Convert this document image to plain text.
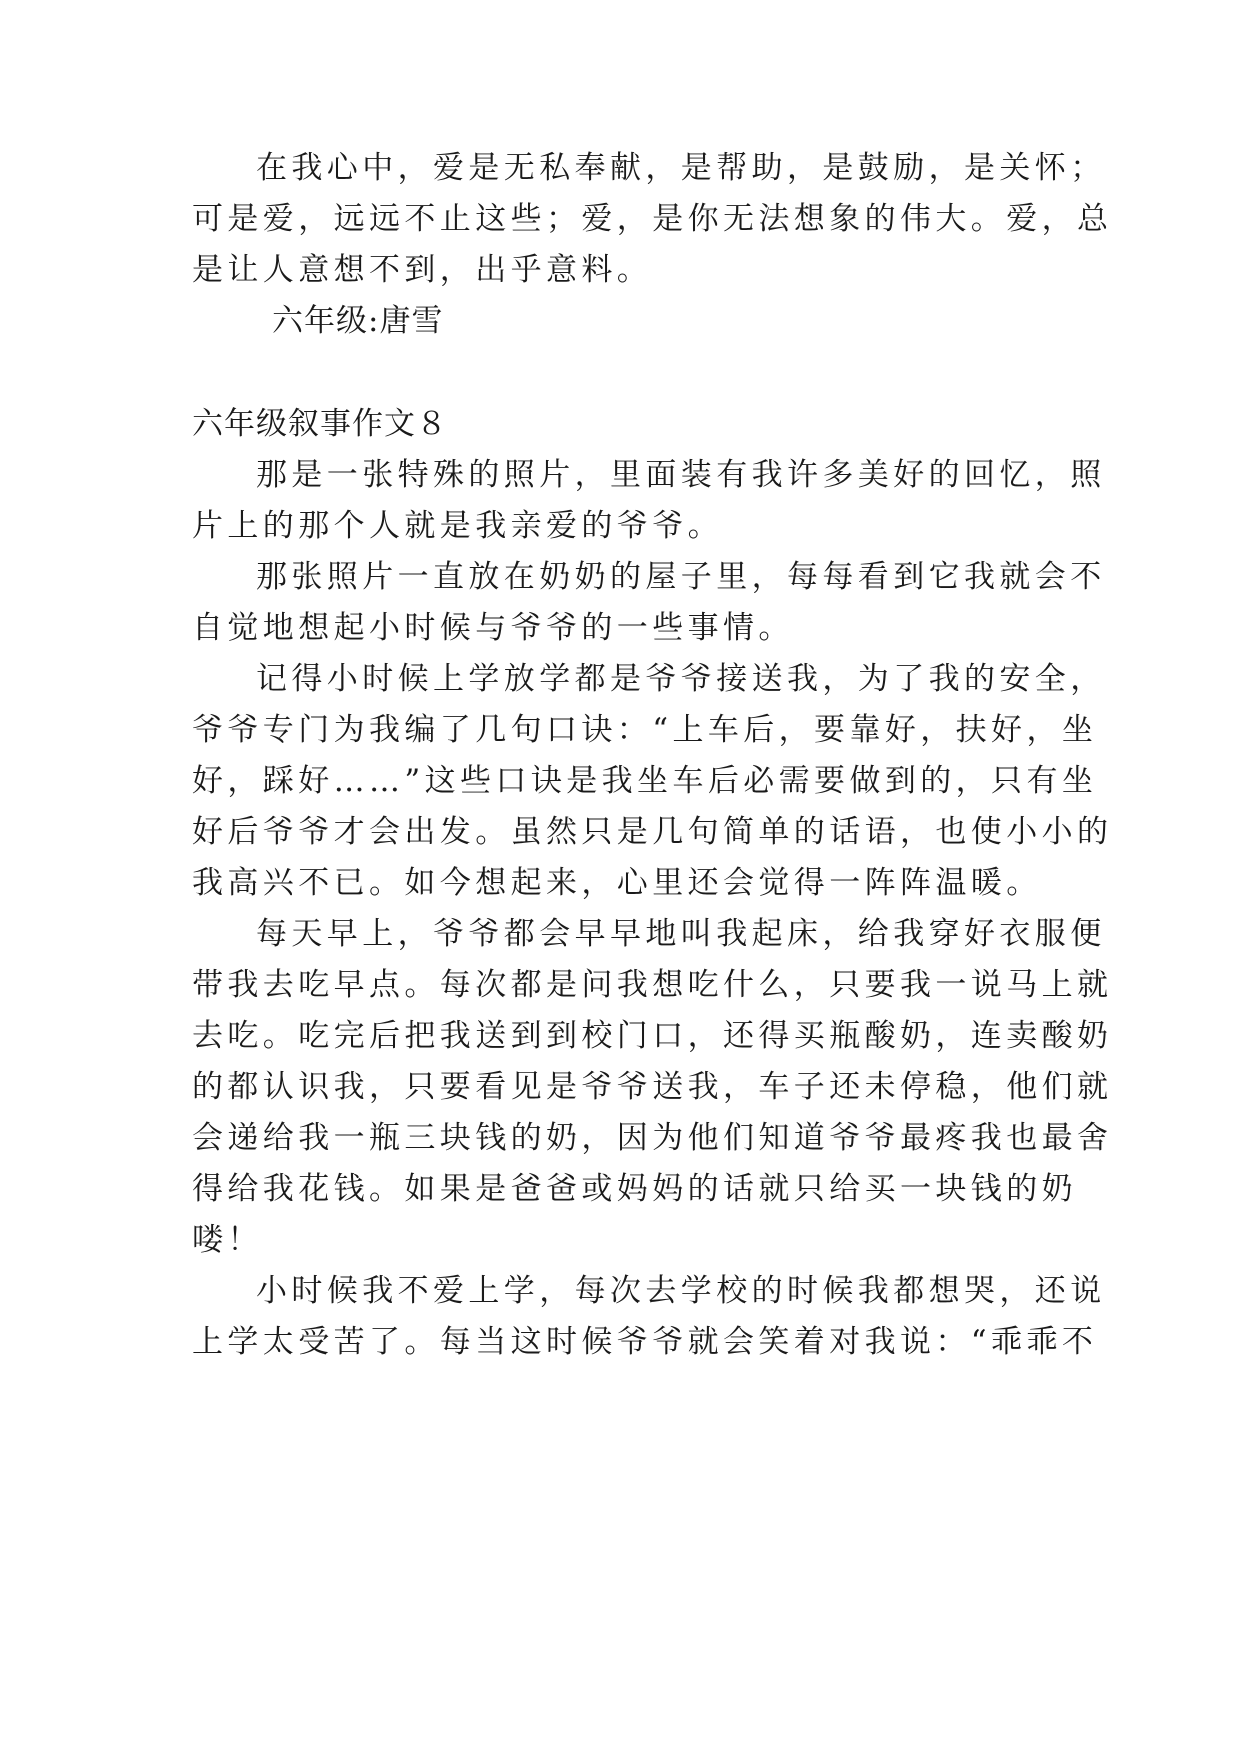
在我心中，爱是无私奉献，是帮助，是鼓励，是关怀；
可是爱，远远不止这些；爱，是你无法想象的伟大。爱，总
是让人意想不到，出乎意料。
六年级:唐雪
六年级叙事作文８
那是一张特殊的照片，里面装有我许多美好的回忆，照
片上的那个人就是我亲爱的爷爷。
那张照片一直放在奶奶的屋子里，每每看到它我就会不
自觉地想起小时候与爷爷的一些事情。
记得小时候上学放学都是爷爷接送我，为了我的安全，
爷爷专门为我编了几句口诀：“上车后，要靠好，扶好，坐
好，踩好……”这些口诀是我坐车后必需要做到的，只有坐
好后爷爷才会出发。虽然只是几句简单的话语，也使小小的
我高兴不已。如今想起来，心里还会觉得一阵阵温暖。
每天早上，爷爷都会早早地叫我起床，给我穿好衣服便
带我去吃早点。每次都是问我想吃什么，只要我一说马上就
去吃。吃完后把我送到到校门口，还得买瓶酸奶，连卖酸奶
的都认识我，只要看见是爷爷送我，车子还未停稳，他们就
会递给我一瓶三块钱的奶，因为他们知道爷爷最疼我也最舍
得给我花钱。如果是爸爸或妈妈的话就只给买一块钱的奶
喽！
小时候我不爱上学，每次去学校的时候我都想哭，还说
上学太受苦了。每当这时候爷爷就会笑着对我说：“乖乖不
